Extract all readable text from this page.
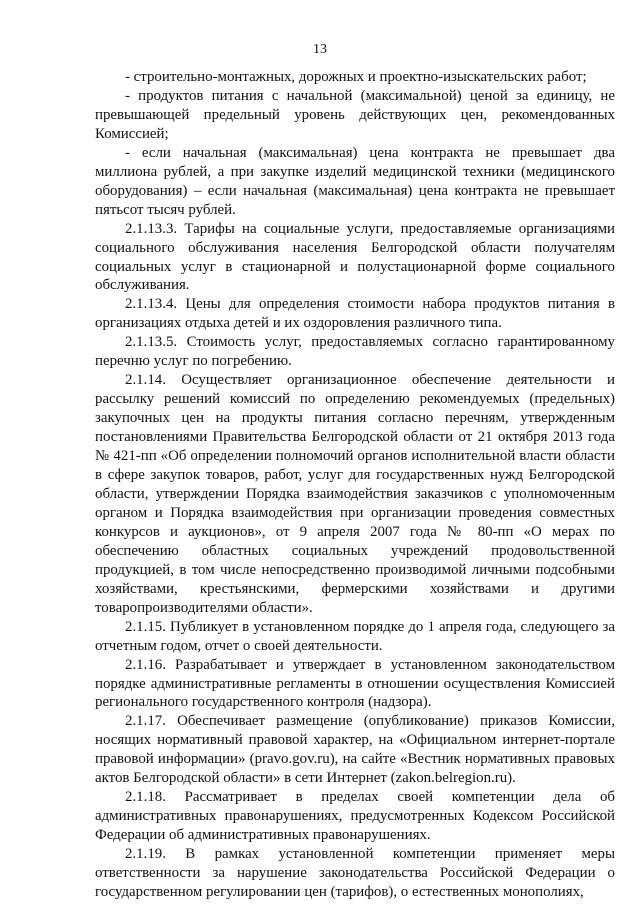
13

- строительно-монтажных, дорожных и проектно-изыскательских работ;

- продуктов питания с начальной (максимальной) ценой за единицу, не превышающей предельный уровень действующих цен, рекомендованных Комиссией;

- если начальная (максимальная) цена контракта не превышает два миллиона рублей, а при закупке изделий медицинской техники (медицинского оборудования) – если начальная (максимальная) цена контракта не превышает пятьсот тысяч рублей.

2.1.13.3. Тарифы на социальные услуги, предоставляемые организациями социального обслуживания населения Белгородской области получателям социальных услуг в стационарной и полустационарной форме социального обслуживания.

2.1.13.4. Цены для определения стоимости набора продуктов питания в организациях отдыха детей и их оздоровления различного типа.

2.1.13.5. Стоимость услуг, предоставляемых согласно гарантированному перечню услуг по погребению.

2.1.14. Осуществляет организационное обеспечение деятельности и рассылку решений комиссий по определению рекомендуемых (предельных) закупочных цен на продукты питания согласно перечням, утвержденным постановлениями Правительства Белгородской области от 21 октября 2013 года № 421-пп «Об определении полномочий органов исполнительной власти области в сфере закупок товаров, работ, услуг для государственных нужд Белгородской области, утверждении Порядка взаимодействия заказчиков с уполномоченным органом и Порядка взаимодействия при организации проведения совместных конкурсов и аукционов», от 9 апреля 2007 года № 80-пп «О мерах по обеспечению областных социальных учреждений продовольственной продукцией, в том числе непосредственно производимой личными подсобными хозяйствами, крестьянскими, фермерскими хозяйствами и другими товаропроизводителями области».

2.1.15. Публикует в установленном порядке до 1 апреля года, следующего за отчетным годом, отчет о своей деятельности.

2.1.16. Разрабатывает и утверждает в установленном законодательством порядке административные регламенты в отношении осуществления Комиссией регионального государственного контроля (надзора).

2.1.17. Обеспечивает размещение (опубликование) приказов Комиссии, носящих нормативный правовой характер, на «Официальном интернет-портале правовой информации» (pravo.gov.ru), на сайте «Вестник нормативных правовых актов Белгородской области» в сети Интернет (zakon.belregion.ru).

2.1.18. Рассматривает в пределах своей компетенции дела об административных правонарушениях, предусмотренных Кодексом Российской Федерации об административных правонарушениях.

2.1.19. В рамках установленной компетенции применяет меры ответственности за нарушение законодательства Российской Федерации о государственном регулировании цен (тарифов), о естественных монополиях,
